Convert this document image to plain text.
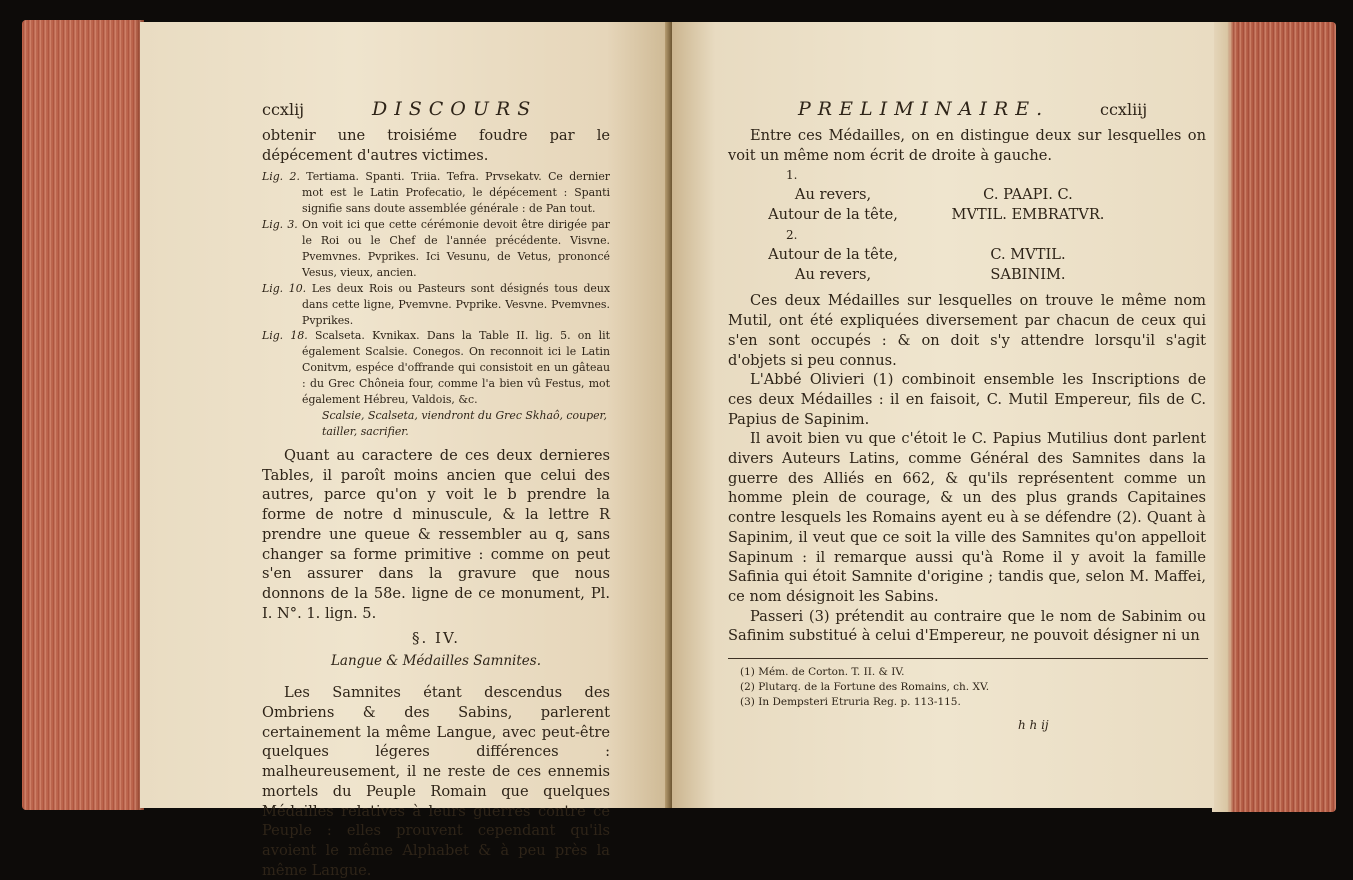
ccxlij	DISCOURS

obtenir une troisiéme foudre par le dépécement d'autres victimes.

Lig. 2. Tertiama. Spanti. Triia. Tefra. Prvsekatv. Ce dernier mot est le Latin Profecatio, le dépécement : Spanti signifie sans doute assemblée générale : de Pan tout.

Lig. 3. On voit ici que cette cérémonie devoit être dirigée par le Roi ou le Chef de l'année précédente. Visvne. Pvemvnes. Pvprikes. Ici Vesunu, de Vetus, prononcé Vesus, vieux, ancien.

Lig. 10. Les deux Rois ou Pasteurs sont désignés tous deux dans cette ligne, Pvemvne. Pvprike. Vesvne. Pvemvnes. Pvprikes.

Lig. 18. Scalseta. Kvnikax. Dans la Table II. lig. 5. on lit également Scalsie. Conegos. On reconnoit ici le Latin Conitvm, espéce d'offrande qui consistoit en un gâteau : du Grec Chôneia four, comme l'a bien vû Festus, mot également Hébreu, Valdois, &c.

Scalsie, Scalseta, viendront du Grec Skhaô, couper, tailler, sacrifier.

Quant au caractere de ces deux dernieres Tables, il paroît moins ancien que celui des autres, parce qu'on y voit le b prendre la forme de notre d minuscule, & la lettre R prendre une queue & ressembler au q, sans changer sa forme primitive : comme on peut s'en assurer dans la gravure que nous donnons de la 58e. ligne de ce monument, Pl. I. N°. 1. lign. 5.

§. IV.
Langue & Médailles Samnites.

Les Samnites étant descendus des Ombriens & des Sabins, parlerent certainement la même Langue, avec peut-être quelques légeres différences : malheureusement, il ne reste de ces ennemis mortels du Peuple Romain que quelques Médailles relatives à leurs guerres contre ce Peuple : elles prouvent cependant qu'ils avoient le même Alphabet & à peu près la même Langue.

PRELIMINAIRE.	ccxliij

Entre ces Médailles, on en distingue deux sur lesquelles on voit un même nom écrit de droite à gauche.

1.
Au revers,	C. PAAPI. C.
Autour de la tête,	MVTIL. EMBRATVR.
2.
Autour de la tête,	C. MVTIL.
Au revers,	SABINIM.

Ces deux Médailles sur lesquelles on trouve le même nom Mutil, ont été expliquées diversement par chacun de ceux qui s'en sont occupés : & on doit s'y attendre lorsqu'il s'agit d'objets si peu connus.

L'Abbé Olivieri (1) combinoit ensemble les Inscriptions de ces deux Médailles : il en faisoit, C. Mutil Empereur, fils de C. Papius de Sapinim.

Il avoit bien vu que c'étoit le C. Papius Mutilius dont parlent divers Auteurs Latins, comme Général des Samnites dans la guerre des Alliés en 662, & qu'ils représentent comme un homme plein de courage, & un des plus grands Capitaines contre lesquels les Romains ayent eu à se défendre (2). Quant à Sapinim, il veut que ce soit la ville des Samnites qu'on appelloit Sapinum : il remarque aussi qu'à Rome il y avoit la famille Safinia qui étoit Samnite d'origine ; tandis que, selon M. Maffei, ce nom désignoit les Sabins.

Passeri (3) prétendit au contraire que le nom de Sabinim ou Safinim substitué à celui d'Empereur, ne pouvoit désigner ni un

(1) Mém. de Corton. T. II. & IV.

(2) Plutarq. de la Fortune des Romains, ch. XV.

(3) In Dempsteri Etruria Reg. p. 113-115.

h h ij
